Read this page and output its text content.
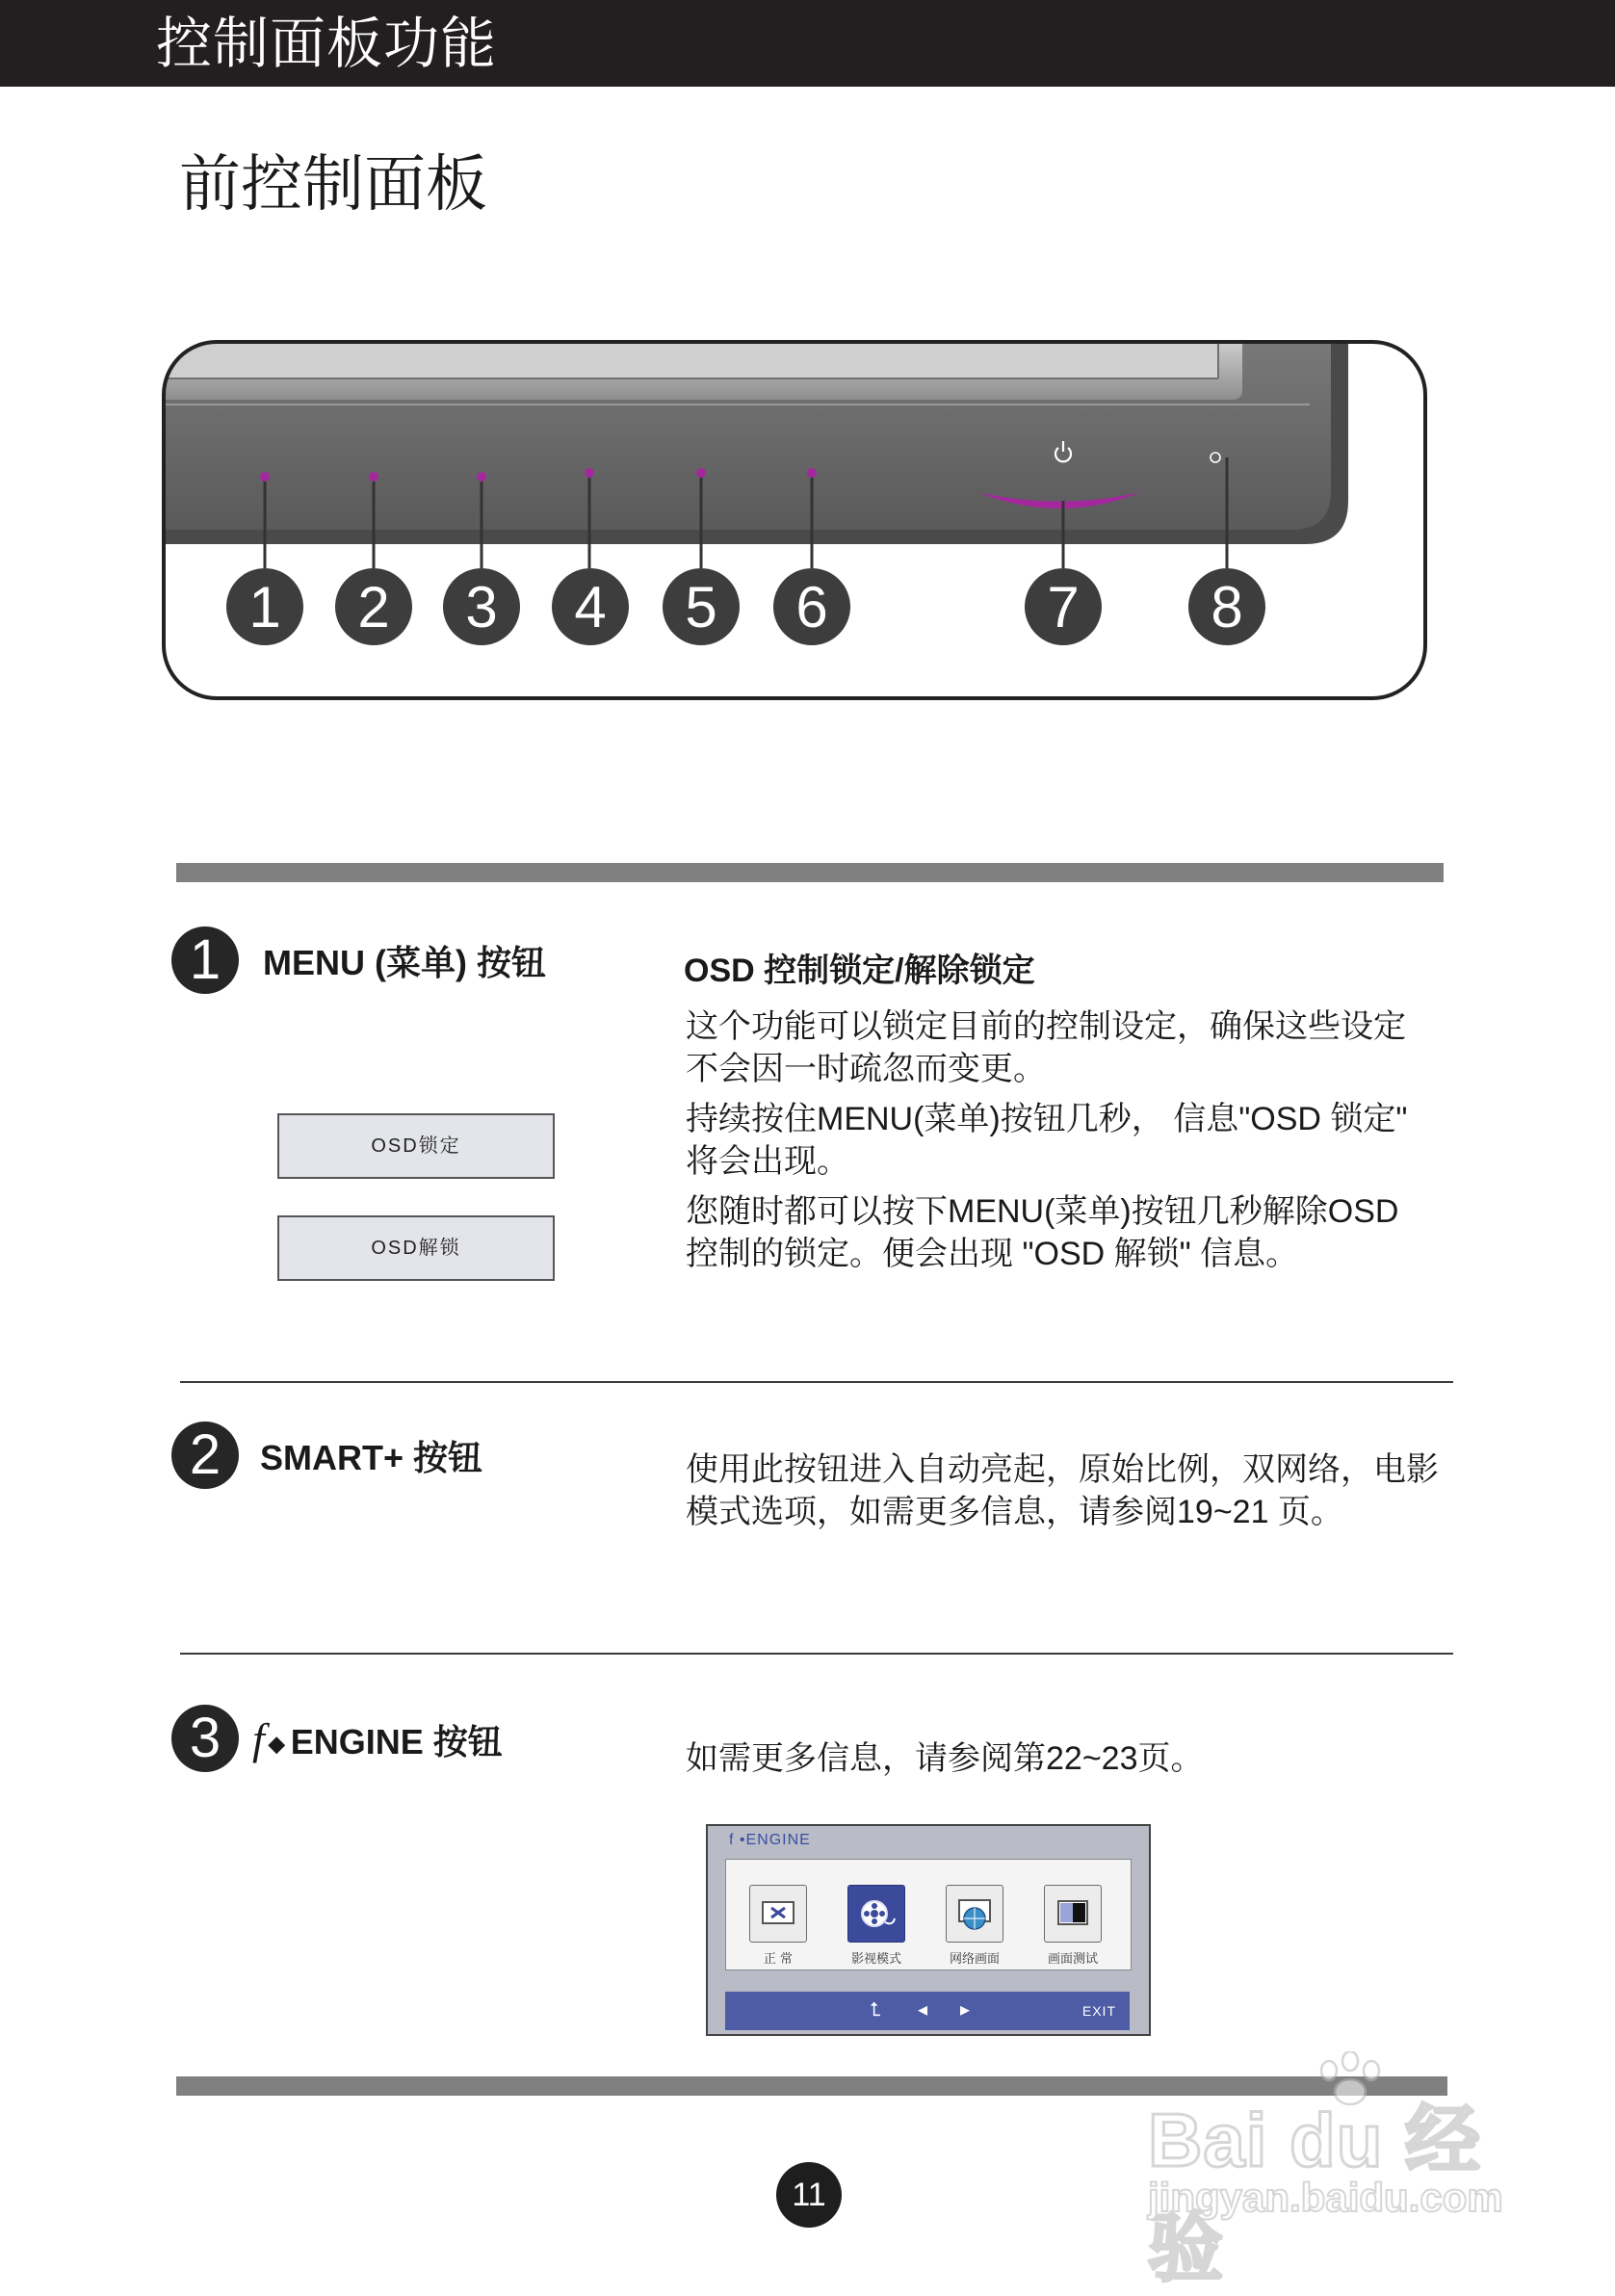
控制面板功能
前控制面板
1 2 3 4 5 6	7 8
1	MENU (菜单) 按钮	OSD 控制锁定/解除锁定
这个功能可以锁定目前的控制设定，确保这些设定
不会因一时疏忽而变更。
持续按住MENU(菜单)按钮几秒， 信息"OSD 锁定"
将会出现。
您随时都可以按下MENU(菜单)按钮几秒解除OSD
控制的锁定。便会出现 "OSD 解锁" 信息。
OSD锁定
OSD解锁
2	SMART+ 按钮	使用此按钮进入自动亮起，原始比例，双网络，电影
模式选项，如需更多信息，请参阅19~21 页。
3 f ◆ ENGINE 按钮	如需更多信息，请参阅第22~23页。
f •ENGINE
正 常	影视模式	网络画面	画面测试
⮤ ◂ ▸	EXIT
11
Bai du 经验
jingyan.baidu.com
